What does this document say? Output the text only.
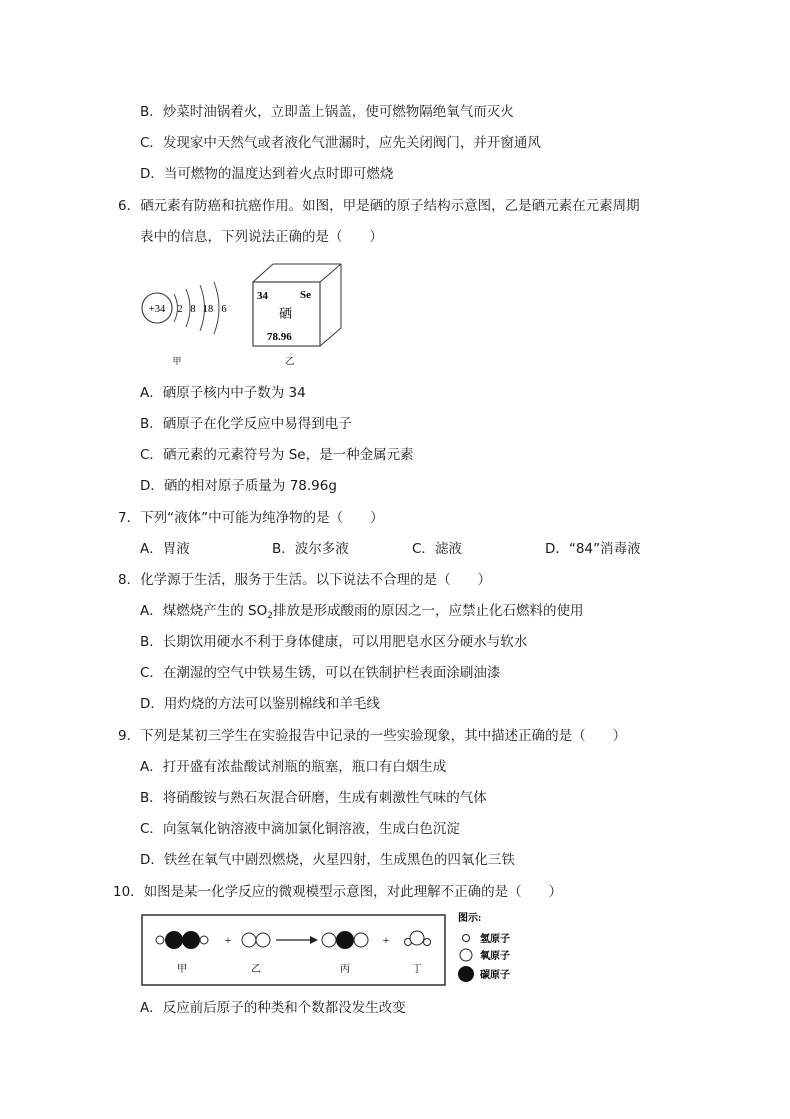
B．炒菜时油锅着火，立即盖上锅盖，使可燃物隔绝氧气而灭火
C．发现家中天然气或者液化气泄漏时，应先关闭阀门，并开窗通风
D．当可燃物的温度达到着火点时即可燃烧
6．硒元素有防癌和抗癌作用。如图，甲是硒的原子结构示意图，乙是硒元素在元素周期
表中的信息，下列说法正确的是（　　）
+34 2 8 18 6
甲
34	Se
硒
78.96
乙
A．硒原子核内中子数为 34
B．硒原子在化学反应中易得到电子
C．硒元素的元素符号为 Se，是一种金属元素
D．硒的相对原子质量为 78.96g
7．下列“液体”中可能为纯净物的是（　　）
A．胃液	B．波尔多液	C．滤液	D．“84”消毒液
8．化学源于生活，服务于生活。以下说法不合理的是（　　）
A．煤燃烧产生的 $SO_2$排放是形成酸雨的原因之一，应禁止化石燃料的使用
B．长期饮用硬水不利于身体健康，可以用肥皂水区分硬水与软水
C．在潮湿的空气中铁易生锈，可以在铁制护栏表面涂刷油漆
D．用灼烧的方法可以鉴别棉线和羊毛线
9．下列是某初三学生在实验报告中记录的一些实验现象，其中描述正确的是（　　）
A．打开盛有浓盐酸试剂瓶的瓶塞，瓶口有白烟生成
B．将硝酸铵与熟石灰混合研磨，生成有刺激性气味的气体
C．向氢氧化钠溶液中滴加氯化铜溶液，生成白色沉淀
D．铁丝在氧气中剧烈燃烧，火星四射，生成黑色的四氧化三铁
10．如图是某一化学反应的微观模型示意图，对此理解不正确的是（　　）
+	+
甲	乙	丙	丁
图示:
氢原子
氧原子
碳原子
A．反应前后原子的种类和个数都没发生改变
